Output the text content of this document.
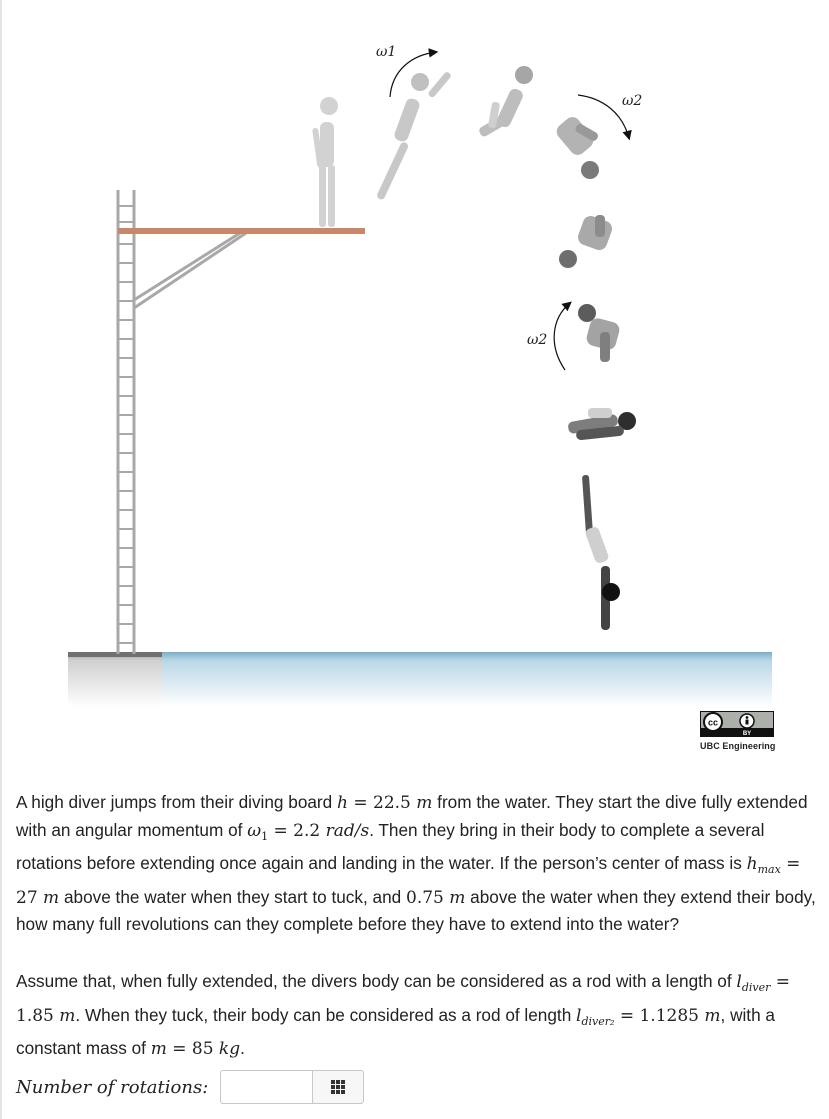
ω1
ω2
ω2
cc
BY
UBC Engineering
A high diver jumps from their diving board h = 22.5 m from the water. They start the dive fully extended with an angular momentum of $\omega_1 = 2.2$ rad/s. Then they bring in their body to complete a several rotations before extending once again and landing in the water. If the person’s center of mass is $h_{max} = 27$ m above the water when they start to tuck, and 0.75 m above the water when they extend their body, how many full revolutions can they complete before they have to extend into the water?
Assume that, when fully extended, the divers body can be considered as a rod with a length of $l_{diver} = 1.85$ m. When they tuck, their body can be considered as a rod of length $l_{diver_2} = 1.1285$ m, with a constant mass of m = 85 kg.
Number of rotations:
